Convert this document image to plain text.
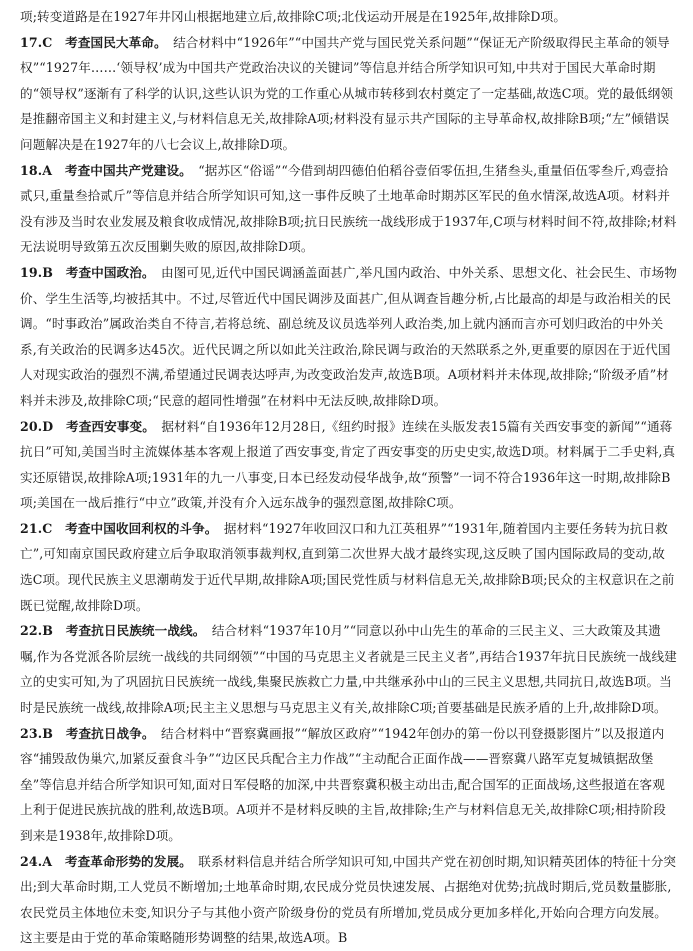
项;转变道路是在1927年井冈山根据地建立后,故排除C项;北伐运动开展是在1925年,故排除D项。

17.C   考查国民大革命。  结合材料中“1926年”“中国共产党与国民党关系问题”“保证无产阶级取得民主革命的领导权”“1927年……‘领导权’成为中国共产党政治决议的关键词”等信息并结合所学知识可知,中共对于国民大革命时期的“领导权”逐渐有了科学的认识,这些认识为党的工作重心从城市转移到农村奠定了一定基础,故选C项。党的最低纲领是推翻帝国主义和封建主义,与材料信息无关,故排除A项;材料没有显示共产国际的主导革命权,故排除B项;“左”倾错误问题解决是在1927年的八七会议上,故排除D项。

18.A   考查中国共产党建设。  “据苏区“俗谣”“今借到胡四德伯伯稻谷壹佰零伍担,生猪叁头,重量佰伍零叁斤,鸡壹拾贰只,重量叁拾贰斤”等信息并结合所学知识可知,这一事件反映了土地革命时期苏区军民的鱼水情深,故选A项。材料并没有涉及当时农业发展及粮食收成情况,故排除B项;抗日民族统一战线形成于1937年,C项与材料时间不符,故排除;材料无法说明导致第五次反围剿失败的原因,故排除D项。

19.B   考查中国政治。  由图可见,近代中国民调涵盖面甚广,举凡国内政治、中外关系、思想文化、社会民生、市场物价、学生生活等,均被括其中。不过,尽管近代中国民调涉及面甚广,但从调查旨趣分析,占比最高的却是与政治相关的民调。“时事政治”属政治类自不待言,若将总统、副总统及议员选举列人政治类,加上就内涵而言亦可划归政治的中外关系,有关政治的民调多达45次。近代民调之所以如此关注政治,除民调与政治的天然联系之外,更重要的原因在于近代国人对现实政治的强烈不满,希望通过民调表达呼声,为改变政治发声,故选B项。A项材料并未体现,故排除;“阶级矛盾”材料并未涉及,故排除C项;“民意的超同性增强”在材料中无法反映,故排除D项。

20.D   考查西安事变。  据材料“自1936年12月28日,《纽约时报》连续在头版发表15篇有关西安事变的新闻”“通蒋抗日”可知,美国当时主流媒体基本客观上报道了西安事变,肯定了西安事变的历史史实,故选D项。材料属于二手史料,真实还原错误,故排除A项;1931年的九一八事变,日本已经发动侵华战争,故“预警”一词不符合1936年这一时期,故排除B项;美国在一战后推行“中立”政策,并没有介入远东战争的强烈意图,故排除C项。

21.C   考查中国收回利权的斗争。  据材料“1927年收回汉口和九江英租界”“1931年,随着国内主要任务转为抗日救亡”,可知南京国民政府建立后争取取消领事裁判权,直到第二次世界大战才最终实现,这反映了国内国际政局的变动,故选C项。现代民族主义思潮萌发于近代早期,故排除A项;国民党性质与材料信息无关,故排除B项;民众的主权意识在之前既已觉醒,故排除D项。

22.B   考查抗日民族统一战线。  结合材料“1937年10月”“同意以孙中山先生的革命的三民主义、三大政策及其遗嘱,作为各党派各阶层统一战线的共同纲领”“中国的马克思主义者就是三民主义者”,再结合1937年抗日民族统一战线建立的史实可知,为了巩固抗日民族统一战线,集聚民族救亡力量,中共继承孙中山的三民主义思想,共同抗日,故选B项。当时是民族统一战线,故排除A项;民主主义思想与马克思主义有关,故排除C项;首要基础是民族矛盾的上升,故排除D项。

23.B   考查抗日战争。  结合材料中“晋察冀画报”“解放区政府”“1942年创办的第一份以刊登摄影图片”以及报道内容“捕毁敌伪巢穴,加紧反蚕食斗争”“边区民兵配合主力作战”“主动配合正面作战——晋察冀八路军克复城镇据敌堡垒”等信息并结合所学知识可知,面对日军侵略的加深,中共晋察冀积极主动出击,配合国军的正面战场,这些报道在客观上利于促进民族抗战的胜利,故选B项。A项并不是材料反映的主旨,故排除;生产与材料信息无关,故排除C项;相持阶段到来是1938年,故排除D项。

24.A   考查革命形势的发展。  联系材料信息并结合所学知识可知,中国共产党在初创时期,知识精英团体的特征十分突出;到大革命时期,工人党员不断增加;土地革命时期,农民成分党员快速发展、占据绝对优势;抗战时期后,党员数量膨胀,农民党员主体地位未变,知识分子与其他小资产阶级身份的党员有所增加,党员成分更加多样化,开始向合理方向发展。这主要是由于党的革命策略随形势调整的结果,故选A项。B
